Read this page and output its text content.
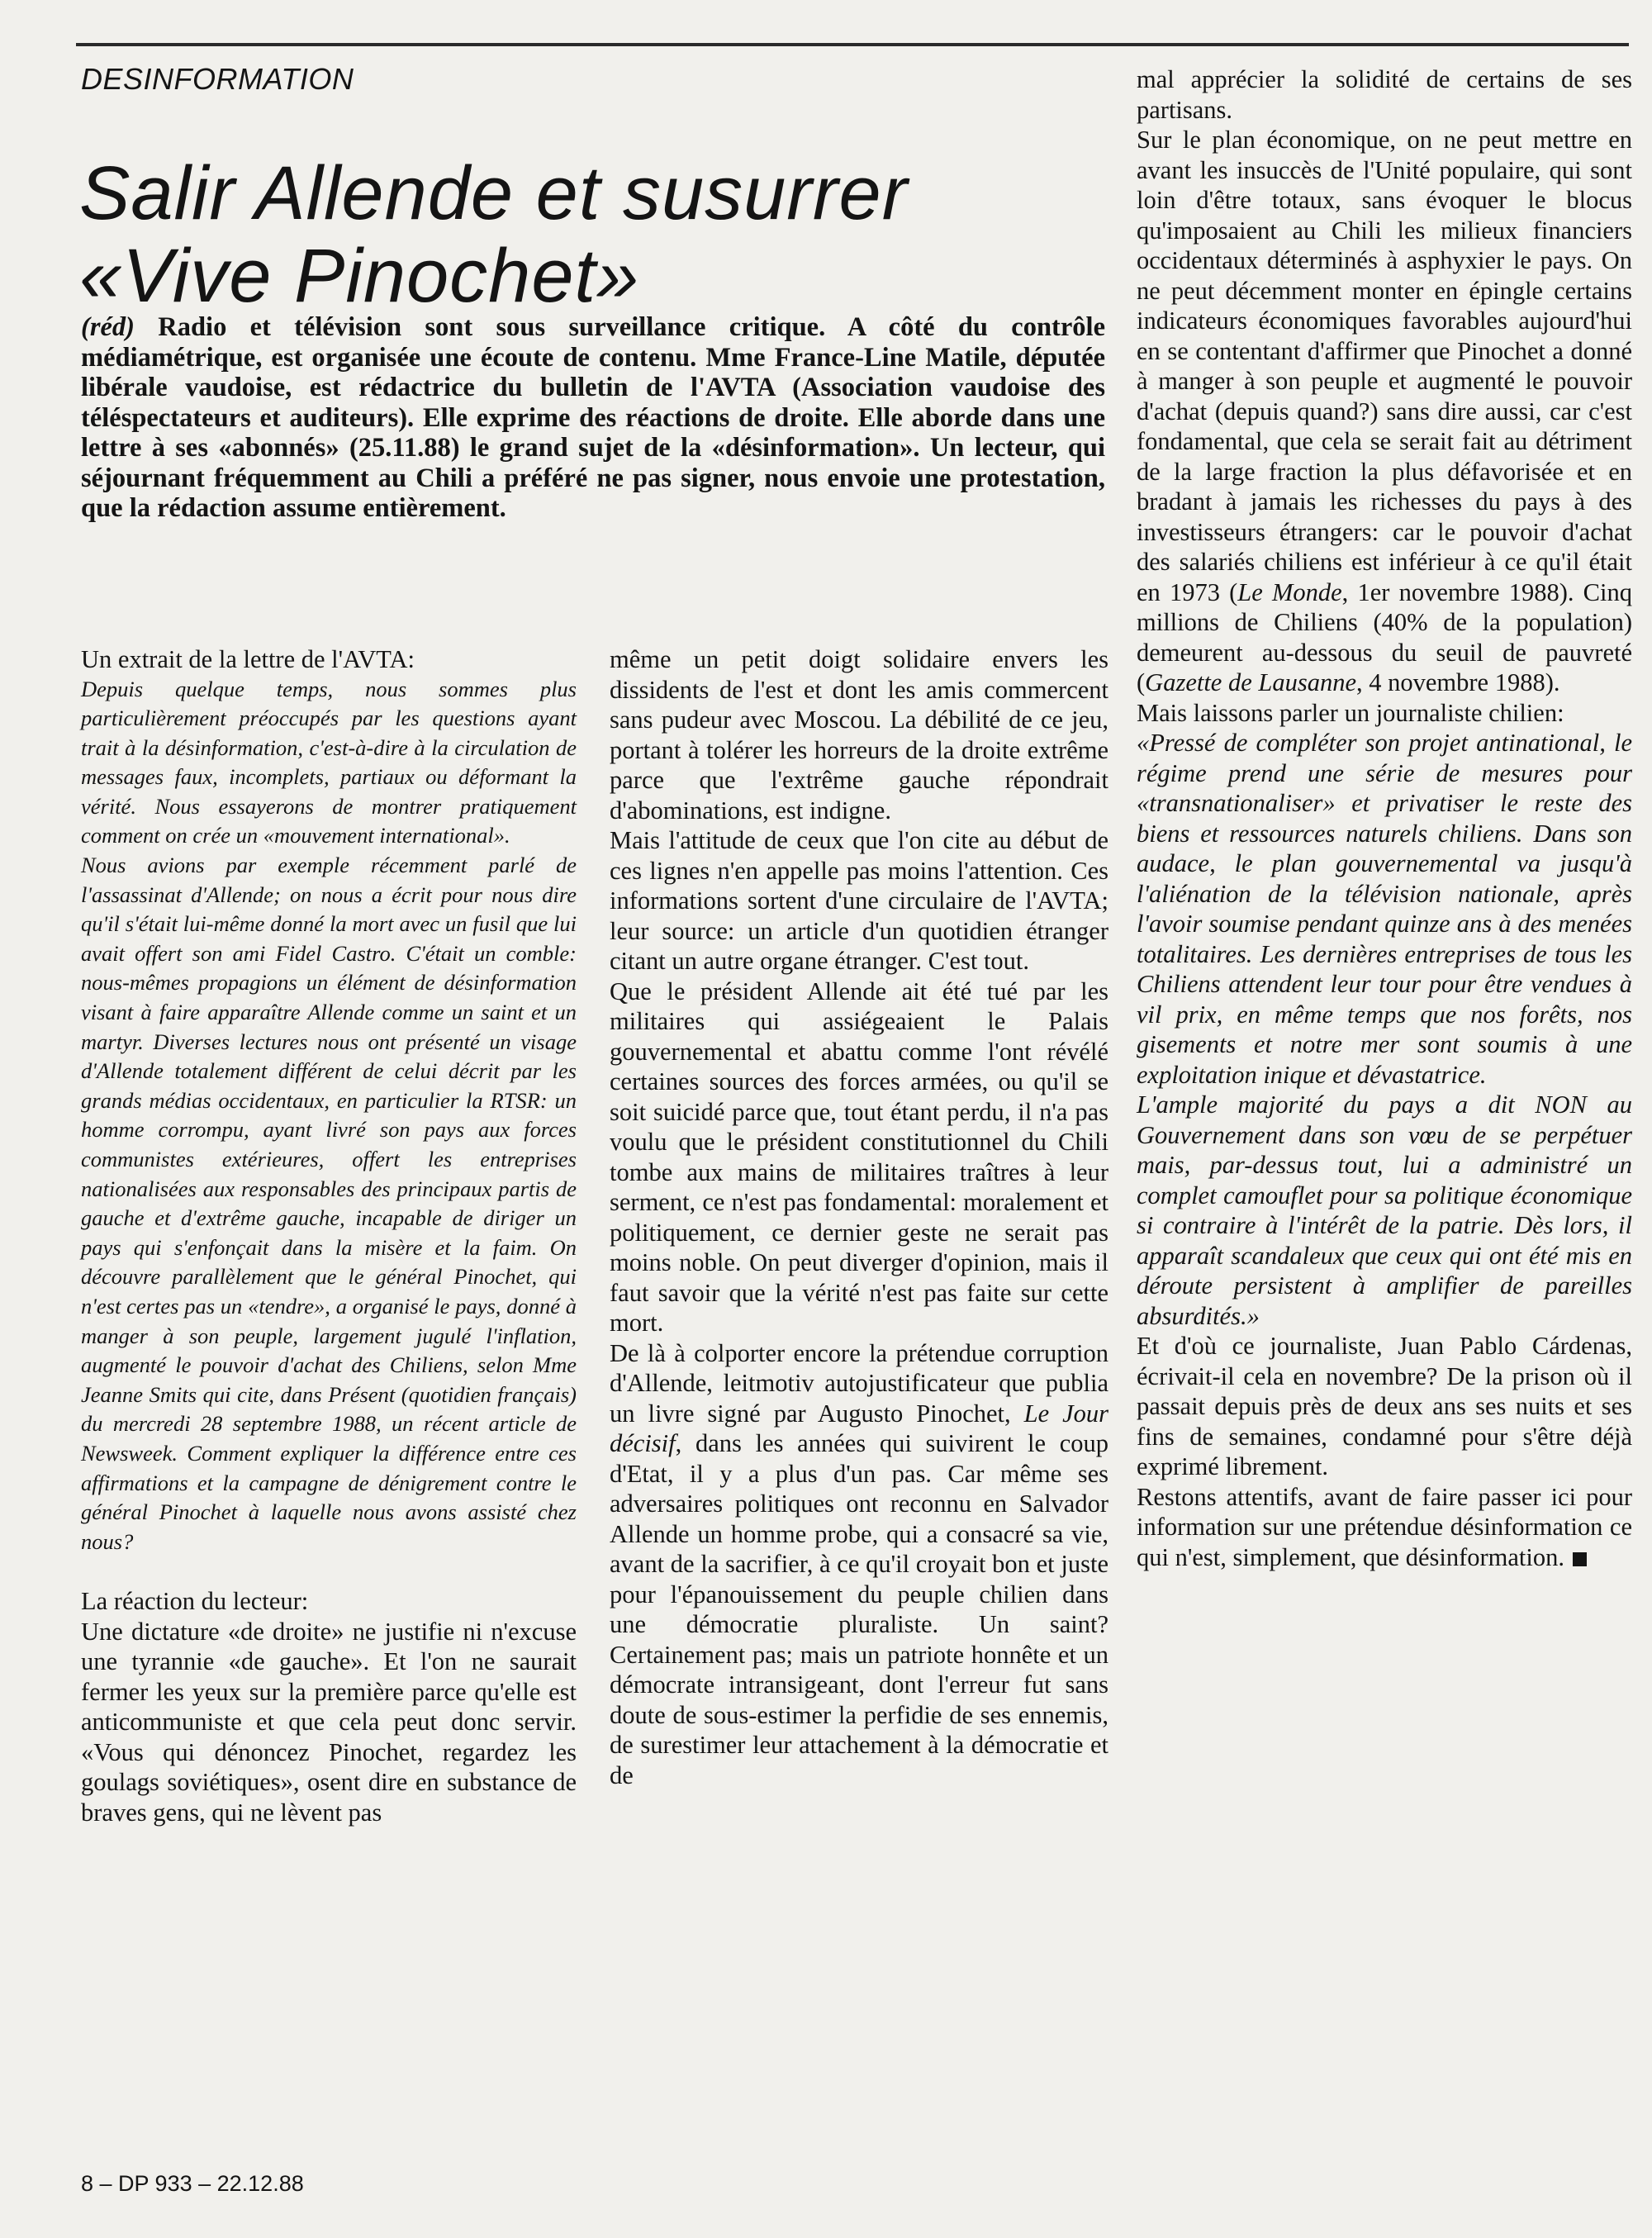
DESINFORMATION
Salir Allende et susurrer
«Vive Pinochet»
(réd) Radio et télévision sont sous surveillance critique. A côté du contrôle médiamétrique, est organisée une écoute de contenu. Mme France-Line Matile, députée libérale vaudoise, est rédactrice du bulletin de l'AVTA (Association vaudoise des téléspectateurs et auditeurs). Elle exprime des réactions de droite. Elle aborde dans une lettre à ses «abonnés» (25.11.88) le grand sujet de la «désinformation». Un lecteur, qui séjournant fréquemment au Chili a préféré ne pas signer, nous envoie une protestation, que la rédaction assume entièrement.

Un extrait de la lettre de l'AVTA:

Depuis quelque temps, nous sommes plus particulièrement préoccupés par les questions ayant trait à la désinformation, c'est-à-dire à la circulation de messages faux, incomplets, partiaux ou déformant la vérité. Nous essayerons de montrer pratiquement comment on crée un «mouvement international».

Nous avions par exemple récemment parlé de l'assassinat d'Allende; on nous a écrit pour nous dire qu'il s'était lui-même donné la mort avec un fusil que lui avait offert son ami Fidel Castro. C'était un comble: nous-mêmes propagions un élément de désinformation visant à faire apparaître Allende comme un saint et un martyr. Diverses lectures nous ont présenté un visage d'Allende totalement différent de celui décrit par les grands médias occidentaux, en particulier la RTSR: un homme corrompu, ayant livré son pays aux forces communistes extérieures, offert les entreprises nationalisées aux responsables des principaux partis de gauche et d'extrême gauche, incapable de diriger un pays qui s'enfonçait dans la misère et la faim. On découvre parallèlement que le général Pinochet, qui n'est certes pas un «tendre», a organisé le pays, donné à manger à son peuple, largement jugulé l'inflation, augmenté le pouvoir d'achat des Chiliens, selon Mme Jeanne Smits qui cite, dans Présent (quotidien français) du mercredi 28 septembre 1988, un récent article de Newsweek. Comment expliquer la différence entre ces affirmations et la campagne de dénigrement contre le général Pinochet à laquelle nous avons assisté chez nous?

La réaction du lecteur:

Une dictature «de droite» ne justifie ni n'excuse une tyrannie «de gauche». Et l'on ne saurait fermer les yeux sur la première parce qu'elle est anticommuniste et que cela peut donc servir. «Vous qui dénoncez Pinochet, regardez les goulags soviétiques», osent dire en substance de braves gens, qui ne lèvent pas

même un petit doigt solidaire envers les dissidents de l'est et dont les amis commercent sans pudeur avec Moscou. La débilité de ce jeu, portant à tolérer les horreurs de la droite extrême parce que l'extrême gauche répondrait d'abominations, est indigne.

Mais l'attitude de ceux que l'on cite au début de ces lignes n'en appelle pas moins l'attention. Ces informations sortent d'une circulaire de l'AVTA; leur source: un article d'un quotidien étranger citant un autre organe étranger. C'est tout.

Que le président Allende ait été tué par les militaires qui assiégeaient le Palais gouvernemental et abattu comme l'ont révélé certaines sources des forces armées, ou qu'il se soit suicidé parce que, tout étant perdu, il n'a pas voulu que le président constitutionnel du Chili tombe aux mains de militaires traîtres à leur serment, ce n'est pas fondamental: moralement et politiquement, ce dernier geste ne serait pas moins noble. On peut diverger d'opinion, mais il faut savoir que la vérité n'est pas faite sur cette mort.

De là à colporter encore la prétendue corruption d'Allende, leitmotiv autojustificateur que publia un livre signé par Augusto Pinochet, Le Jour décisif, dans les années qui suivirent le coup d'Etat, il y a plus d'un pas. Car même ses adversaires politiques ont reconnu en Salvador Allende un homme probe, qui a consacré sa vie, avant de la sacrifier, à ce qu'il croyait bon et juste pour l'épanouissement du peuple chilien dans une démocratie pluraliste. Un saint? Certainement pas; mais un patriote honnête et un démocrate intransigeant, dont l'erreur fut sans doute de sous-estimer la perfidie de ses ennemis, de surestimer leur attachement à la démocratie et de

mal apprécier la solidité de certains de ses partisans.

Sur le plan économique, on ne peut mettre en avant les insuccès de l'Unité populaire, qui sont loin d'être totaux, sans évoquer le blocus qu'imposaient au Chili les milieux financiers occidentaux déterminés à asphyxier le pays. On ne peut décemment monter en épingle certains indicateurs économiques favorables aujourd'hui en se contentant d'affirmer que Pinochet a donné à manger à son peuple et augmenté le pouvoir d'achat (depuis quand?) sans dire aussi, car c'est fondamental, que cela se serait fait au détriment de la large fraction la plus défavorisée et en bradant à jamais les richesses du pays à des investisseurs étrangers: car le pouvoir d'achat des salariés chiliens est inférieur à ce qu'il était en 1973 (Le Monde, 1er novembre 1988). Cinq millions de Chiliens (40% de la population) demeurent au-dessous du seuil de pauvreté (Gazette de Lausanne, 4 novembre 1988).

Mais laissons parler un journaliste chilien:

«Pressé de compléter son projet antinational, le régime prend une série de mesures pour «transnationaliser» et privatiser le reste des biens et ressources naturels chiliens. Dans son audace, le plan gouvernemental va jusqu'à l'aliénation de la télévision nationale, après l'avoir soumise pendant quinze ans à des menées totalitaires. Les dernières entreprises de tous les Chiliens attendent leur tour pour être vendues à vil prix, en même temps que nos forêts, nos gisements et notre mer sont soumis à une exploitation inique et dévastatrice.

L'ample majorité du pays a dit NON au Gouvernement dans son vœu de se perpétuer mais, par-dessus tout, lui a administré un complet camouflet pour sa politique économique si contraire à l'intérêt de la patrie. Dès lors, il apparaît scandaleux que ceux qui ont été mis en déroute persistent à amplifier de pareilles absurdités.»

Et d'où ce journaliste, Juan Pablo Cárdenas, écrivait-il cela en novembre? De la prison où il passait depuis près de deux ans ses nuits et ses fins de semaines, condamné pour s'être déjà exprimé librement.

Restons attentifs, avant de faire passer ici pour information sur une prétendue désinformation ce qui n'est, simplement, que désinformation.

8 – DP 933 – 22.12.88
